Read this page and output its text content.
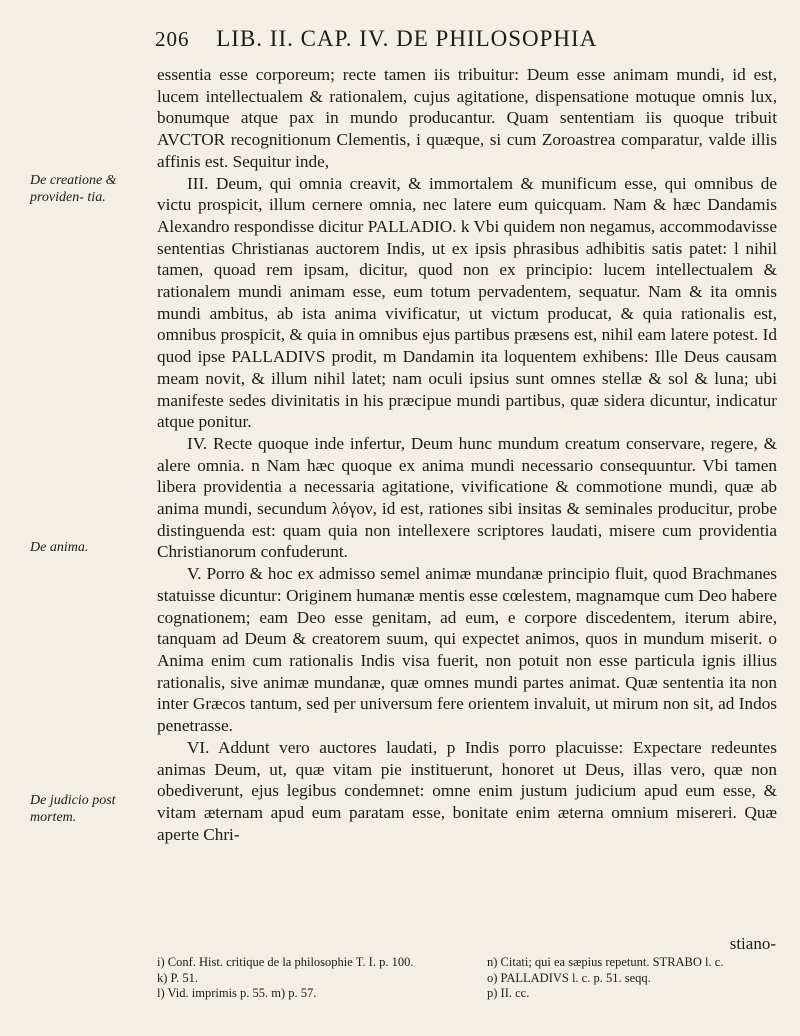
206 LIB. II. CAP. IV. DE PHILOSOPHIA
De creatione & providen- tia.
De anima.
De judicio post mortem.

essentia esse corporeum; recte tamen iis tribuitur: Deum esse animam mundi, id est, lucem intellectualem & rationalem, cujus agitatione, dispensatione motuque omnis lux, bonumque atque pax in mundo producantur. Quam sententiam iis quoque tribuit AVCTOR recognitionum Clementis, i quæque, si cum Zoroastrea comparatur, valde illis affinis est. Sequitur inde,

III. Deum, qui omnia creavit, & immortalem & munificum esse, qui omnibus de victu prospicit, illum cernere omnia, nec latere eum quicquam. Nam & hæc Dandamis Alexandro respondisse dicitur PALLADIO. k Vbi quidem non negamus, accommodavisse sententias Christianas auctorem Indis, ut ex ipsis phrasibus adhibitis satis patet: l nihil tamen, quoad rem ipsam, dicitur, quod non ex principio: lucem intellectualem & rationalem mundi animam esse, eum totum pervadentem, sequatur. Nam & ita omnis mundi ambitus, ab ista anima vivificatur, ut victum producat, & quia rationalis est, omnibus prospicit, & quia in omnibus ejus partibus præsens est, nihil eam latere potest. Id quod ipse PALLADIVS prodit, m Dandamin ita loquentem exhibens: Ille Deus causam meam novit, & illum nihil latet; nam oculi ipsius sunt omnes stellæ & sol & luna; ubi manifeste sedes divinitatis in his præcipue mundi partibus, quæ sidera dicuntur, indicatur atque ponitur.

IV. Recte quoque inde infertur, Deum hunc mundum creatum conservare, regere, & alere omnia. n Nam hæc quoque ex anima mundi necessario consequuntur. Vbi tamen libera providentia a necessaria agitatione, vivificatione & commotione mundi, quæ ab anima mundi, secundum λόγον, id est, rationes sibi insitas & seminales producitur, probe distinguenda est: quam quia non intellexere scriptores laudati, misere cum providentia Christianorum confuderunt.

V. Porro & hoc ex admisso semel animæ mundanæ principio fluit, quod Brachmanes statuisse dicuntur: Originem humanæ mentis esse cœlestem, magnamque cum Deo habere cognationem; eam Deo esse genitam, ad eum, e corpore discedentem, iterum abire, tanquam ad Deum & creatorem suum, qui expectet animos, quos in mundum miserit. o Anima enim cum rationalis Indis visa fuerit, non potuit non esse particula ignis illius rationalis, sive animæ mundanæ, quæ omnes mundi partes animat. Quæ sententia ita non inter Græcos tantum, sed per universum fere orientem invaluit, ut mirum non sit, ad Indos penetrasse.

VI. Addunt vero auctores laudati, p Indis porro placuisse: Expectare redeuntes animas Deum, ut, quæ vitam pie instituerunt, honoret ut Deus, illas vero, quæ non obediverunt, ejus legibus condemnet: omne enim justum judicium apud eum esse, & vitam æternam apud eum paratam esse, bonitate enim æterna omnium misereri. Quæ aperte Chri-

stiano-
i) Conf. Hist. critique de la philosophie T. I. p. 100.
k) P. 51.
l) Vid. imprimis p. 55. m) p. 57.
n) Citati; qui ea sæpius repetunt. STRABO l. c.
o) PALLADIVS l. c. p. 51. seqq.
p) II. cc.
